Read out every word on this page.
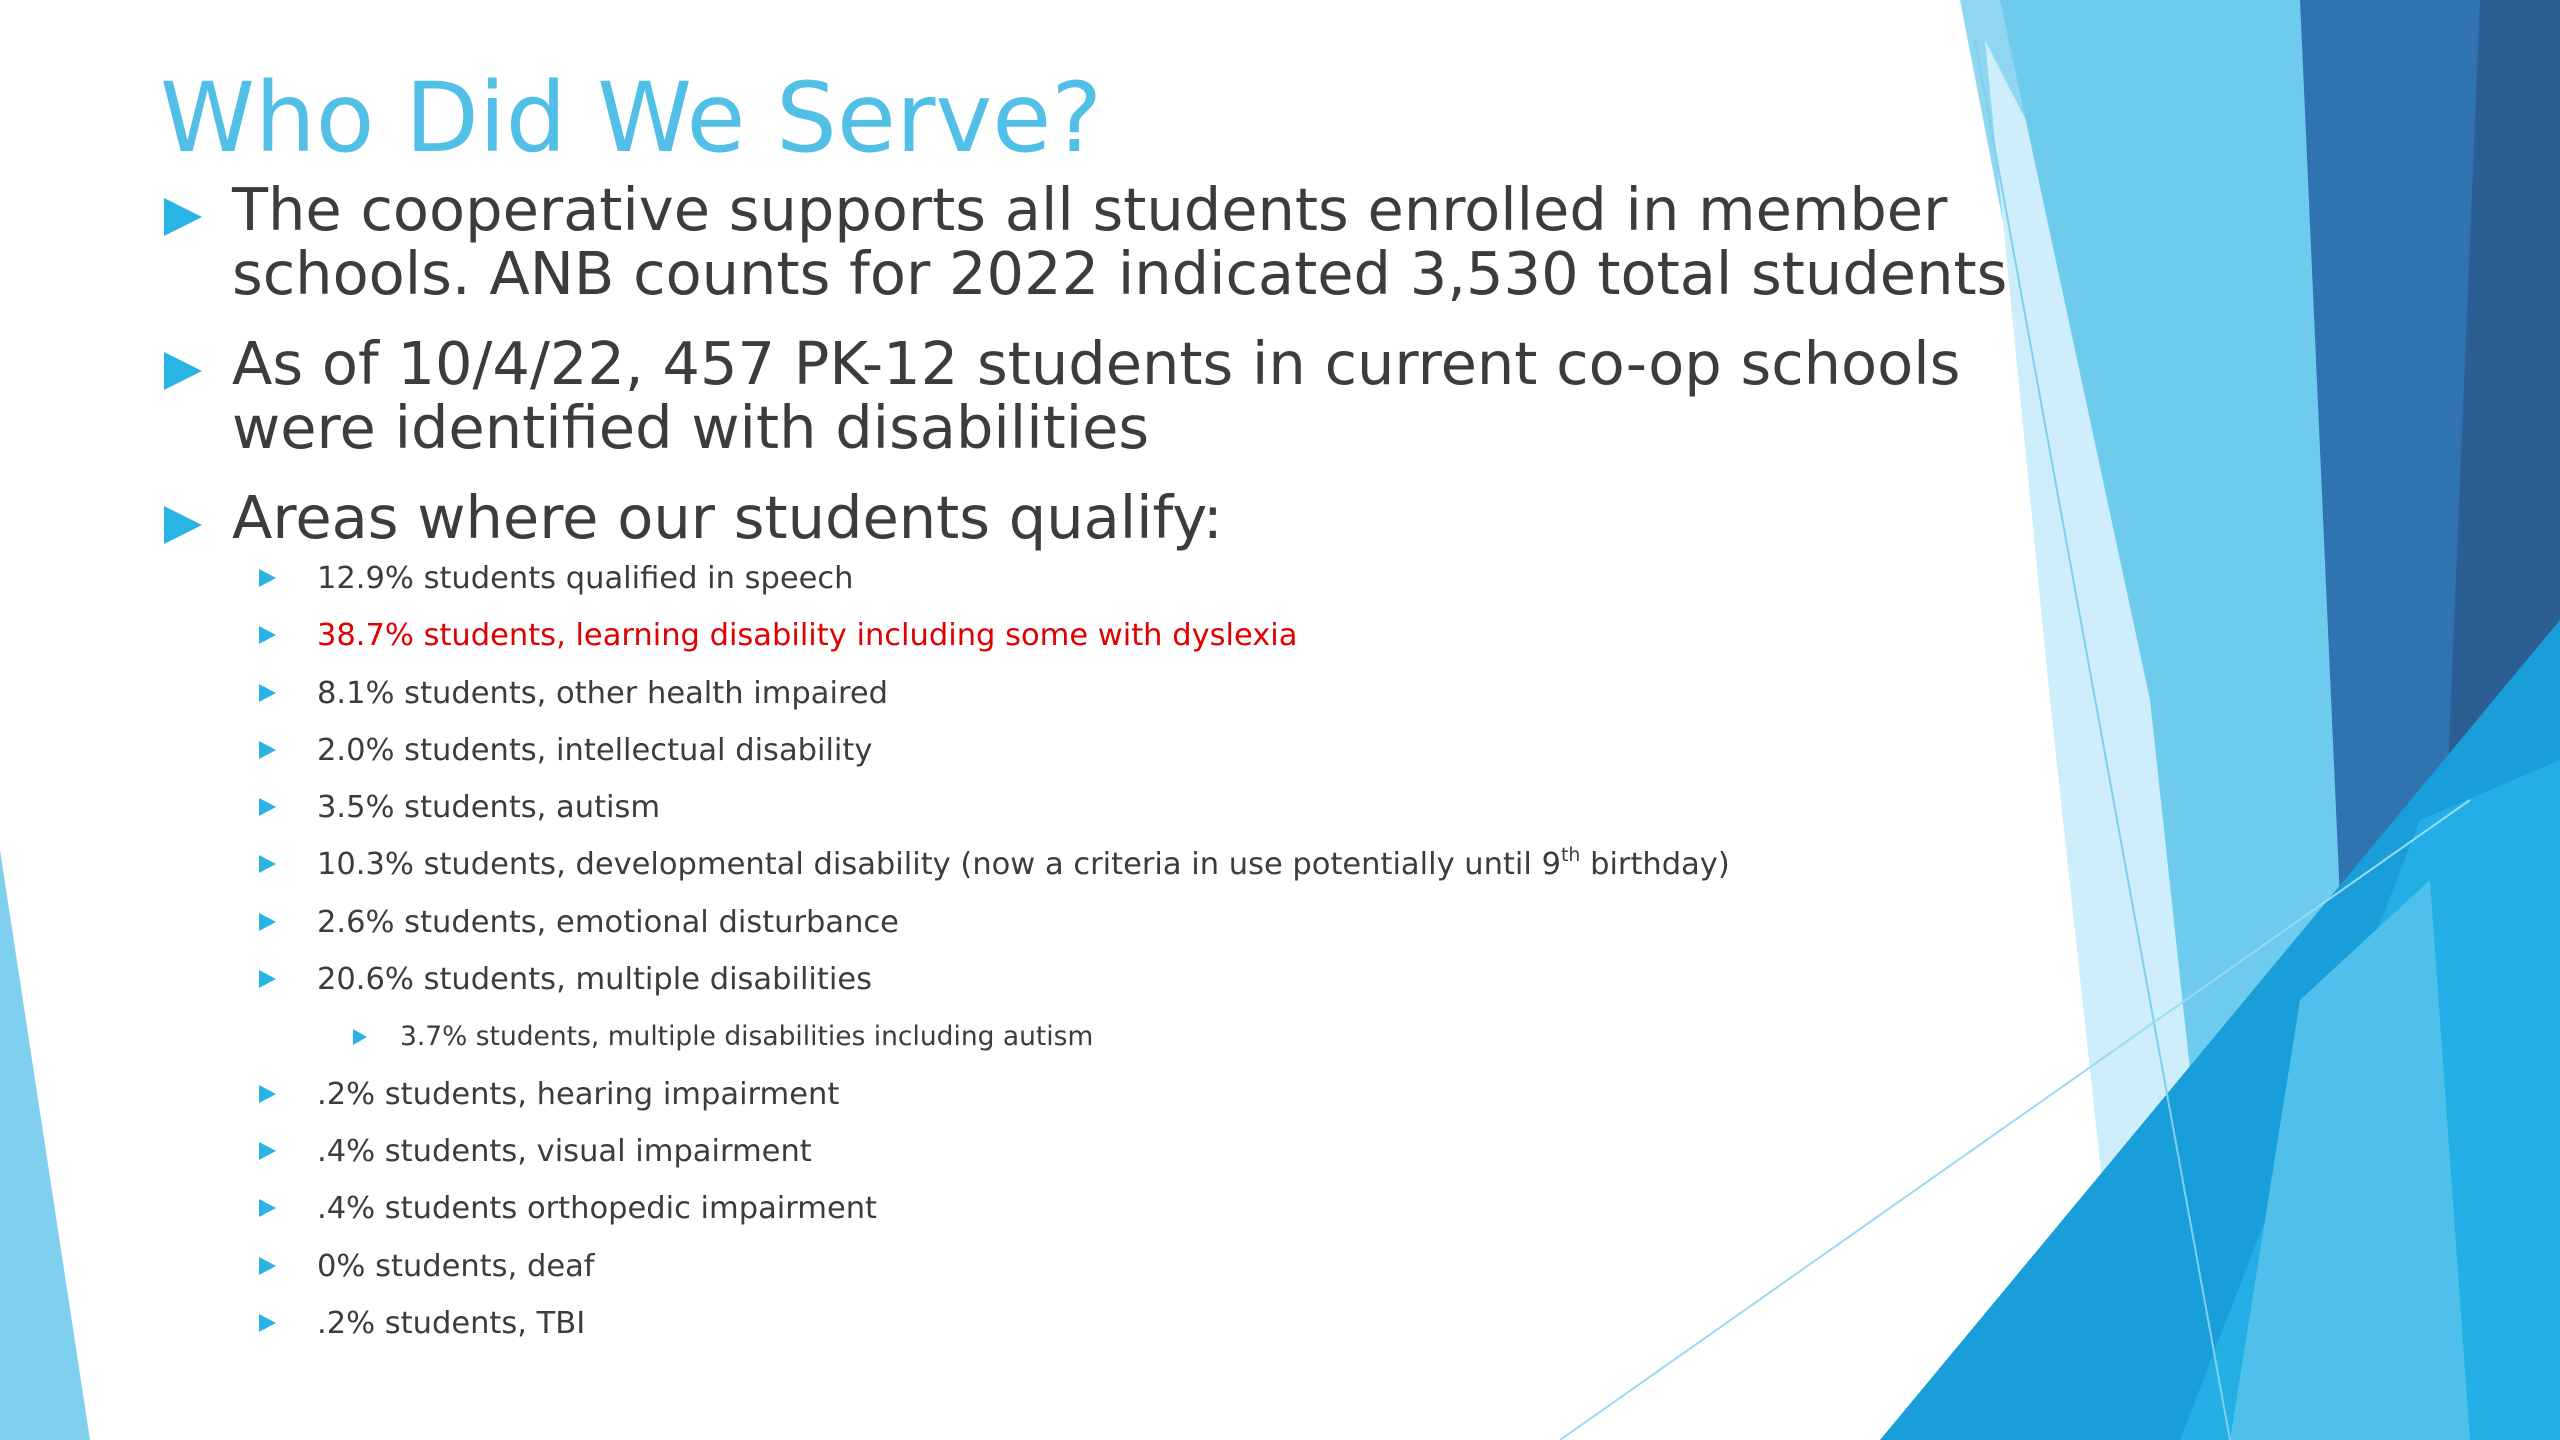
Who Did We Serve?
The cooperative supports all students enrolled in member schools. ANB counts for 2022 indicated 3,530 total students
As of 10/4/22, 457 PK-12 students in current co-op schools were identified with disabilities
Areas where our students qualify:
12.9% students qualified in speech
38.7% students, learning disability including some with dyslexia
8.1% students, other health impaired
2.0% students, intellectual disability
3.5% students, autism
10.3% students, developmental disability (now a criteria in use potentially until 9th birthday)
2.6% students, emotional disturbance
20.6% students, multiple disabilities
3.7% students, multiple disabilities including autism
.2% students, hearing impairment
.4% students, visual impairment
.4% students orthopedic impairment
0% students, deaf
.2% students, TBI
